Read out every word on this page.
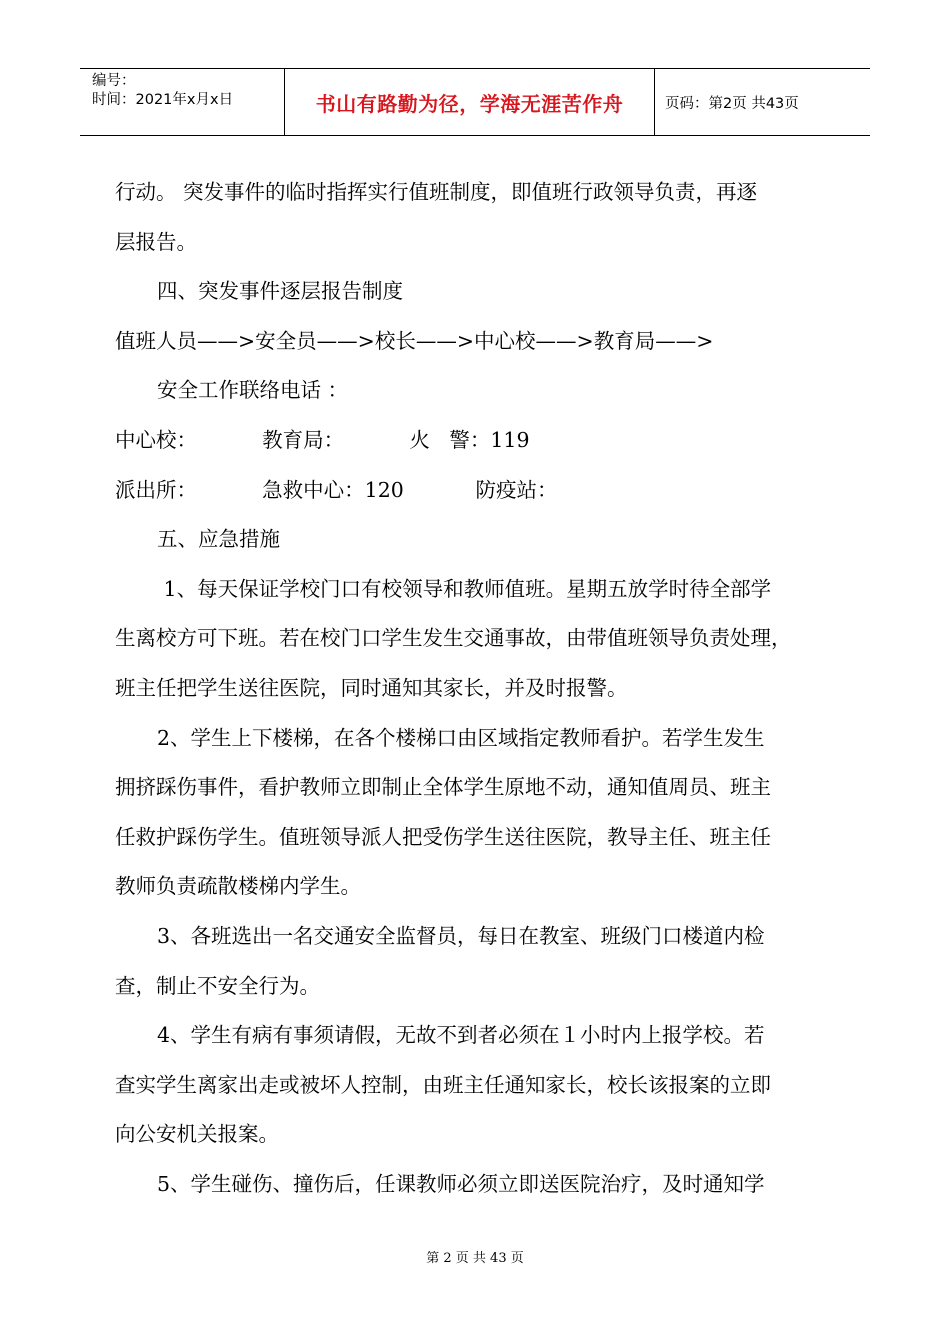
编号：
时间：2021年x月x日	书山有路勤为径，学海无涯苦作舟	页码：第2页 共43页

行动。 突发事件的临时指挥实行值班制度，即值班行政领导负责，再逐

层报告。

四、突发事件逐层报告制度

值班人员——>安全员——>校长——>中心校——>教育局——>

安全工作联络电话 ：

中心校：          教育局：          火   警：119

派出所：          急救中心：120           防疫站：

五、应急措施

1、每天保证学校门口有校领导和教师值班。星期五放学时待全部学

生离校方可下班。若在校门口学生发生交通事故，由带值班领导负责处理，

班主任把学生送往医院，同时通知其家长，并及时报警。

2、学生上下楼梯，在各个楼梯口由区域指定教师看护。若学生发生

拥挤踩伤事件，看护教师立即制止全体学生原地不动，通知值周员、班主

任救护踩伤学生。值班领导派人把受伤学生送往医院，教导主任、班主任

教师负责疏散楼梯内学生。

3、各班选出一名交通安全监督员，每日在教室、班级门口楼道内检

查，制止不安全行为。

4、学生有病有事须请假，无故不到者必须在１小时内上报学校。若

查实学生离家出走或被坏人控制，由班主任通知家长，校长该报案的立即

向公安机关报案。

5、学生碰伤、撞伤后，任课教师必须立即送医院治疗，及时通知学

第 2 页 共 43 页
